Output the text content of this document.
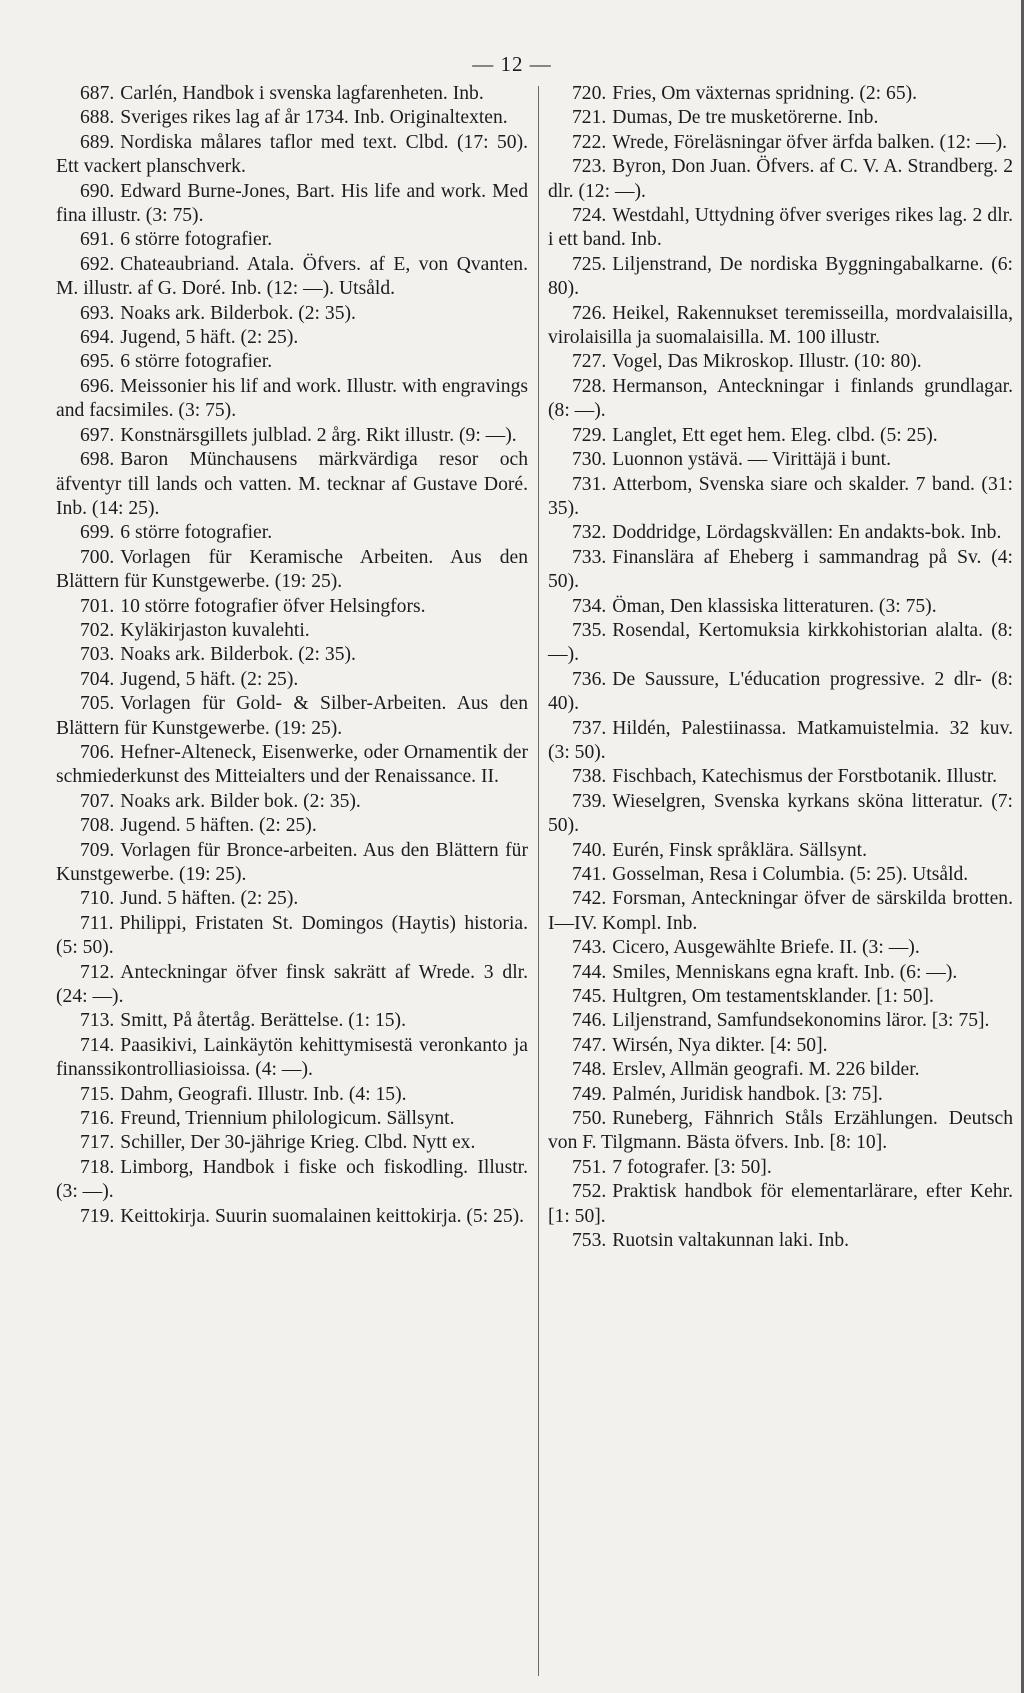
— 12 —

687. Carlén, Handbok i svenska lagfarenheten. Inb.

688. Sveriges rikes lag af år 1734. Inb. Originaltexten.

689. Nordiska målares taflor med text. Clbd. (17: 50). Ett vackert planschverk.

690. Edward Burne-Jones, Bart. His life and work. Med fina illustr. (3: 75).

691. 6 större fotografier.

692. Chateaubriand. Atala. Öfvers. af E, von Qvanten. M. illustr. af G. Doré. Inb. (12: —). Utsåld.

693. Noaks ark. Bilderbok. (2: 35).

694. Jugend, 5 häft. (2: 25).

695. 6 större fotografier.

696. Meissonier his lif and work. Illustr. with engravings and facsimiles. (3: 75).

697. Konstnärsgillets julblad. 2 årg. Rikt illustr. (9: —).

698. Baron Münchausens märkvärdiga resor och äfventyr till lands och vatten. M. tecknar af Gustave Doré. Inb. (14: 25).

699. 6 större fotografier.

700. Vorlagen für Keramische Arbeiten. Aus den Blättern für Kunstgewerbe. (19: 25).

701. 10 större fotografier öfver Helsingfors.

702. Kyläkirjaston kuvalehti.

703. Noaks ark. Bilderbok. (2: 35).

704. Jugend, 5 häft. (2: 25).

705. Vorlagen für Gold- & Silber-Arbeiten. Aus den Blättern für Kunstgewerbe. (19: 25).

706. Hefner-Alteneck, Eisenwerke, oder Ornamentik der schmiederkunst des Mitteialters und der Renaissance. II.

707. Noaks ark. Bilder bok. (2: 35).

708. Jugend. 5 häften. (2: 25).

709. Vorlagen für Bronce-arbeiten. Aus den Blättern für Kunstgewerbe. (19: 25).

710. Jund. 5 häften. (2: 25).

711. Philippi, Fristaten St. Domingos (Haytis) historia. (5: 50).

712. Anteckningar öfver finsk sakrätt af Wrede. 3 dlr. (24: —).

713. Smitt, På återtåg. Berättelse. (1: 15).

714. Paasikivi, Lainkäytön kehittymisestä veronkanto ja finanssikontrolliasioissa. (4: —).

715. Dahm, Geografi. Illustr. Inb. (4: 15).

716. Freund, Triennium philologicum. Sällsynt.

717. Schiller, Der 30-jährige Krieg. Clbd. Nytt ex.

718. Limborg, Handbok i fiske och fiskodling. Illustr. (3: —).

719. Keittokirja. Suurin suomalainen keittokirja. (5: 25).

720. Fries, Om växternas spridning. (2: 65).

721. Dumas, De tre musketörerne. Inb.

722. Wrede, Föreläsningar öfver ärfda balken. (12: —).

723. Byron, Don Juan. Öfvers. af C. V. A. Strandberg. 2 dlr. (12: —).

724. Westdahl, Uttydning öfver sveriges rikes lag. 2 dlr. i ett band. Inb.

725. Liljenstrand, De nordiska Byggningabalkarne. (6: 80).

726. Heikel, Rakennukset teremisseilla, mordvalaisilla, virolaisilla ja suomalaisilla. M. 100 illustr.

727. Vogel, Das Mikroskop. Illustr. (10: 80).

728. Hermanson, Anteckningar i finlands grundlagar. (8: —).

729. Langlet, Ett eget hem. Eleg. clbd. (5: 25).

730. Luonnon ystävä. — Virittäjä i bunt.

731. Atterbom, Svenska siare och skalder. 7 band. (31: 35).

732. Doddridge, Lördagskvällen: En andakts-bok. Inb.

733. Finanslära af Eheberg i sammandrag på Sv. (4: 50).

734. Öman, Den klassiska litteraturen. (3: 75).

735. Rosendal, Kertomuksia kirkkohistorian alalta. (8: —).

736. De Saussure, L'éducation progressive. 2 dlr- (8: 40).

737. Hildén, Palestiinassa. Matkamuistelmia. 32 kuv. (3: 50).

738. Fischbach, Katechismus der Forstbotanik. Illustr.

739. Wieselgren, Svenska kyrkans sköna litteratur. (7: 50).

740. Eurén, Finsk språklära. Sällsynt.

741. Gosselman, Resa i Columbia. (5: 25). Utsåld.

742. Forsman, Anteckningar öfver de särskilda brotten. I—IV. Kompl. Inb.

743. Cicero, Ausgewählte Briefe. II. (3: —).

744. Smiles, Menniskans egna kraft. Inb. (6: —).

745. Hultgren, Om testamentsklander. [1: 50].

746. Liljenstrand, Samfundsekonomins läror. [3: 75].

747. Wirsén, Nya dikter. [4: 50].

748. Erslev, Allmän geografi. M. 226 bilder.

749. Palmén, Juridisk handbok. [3: 75].

750. Runeberg, Fähnrich Ståls Erzählungen. Deutsch von F. Tilgmann. Bästa öfvers. Inb. [8: 10].

751. 7 fotografer. [3: 50].

752. Praktisk handbok för elementarlärare, efter Kehr. [1: 50].

753. Ruotsin valtakunnan laki. Inb.
